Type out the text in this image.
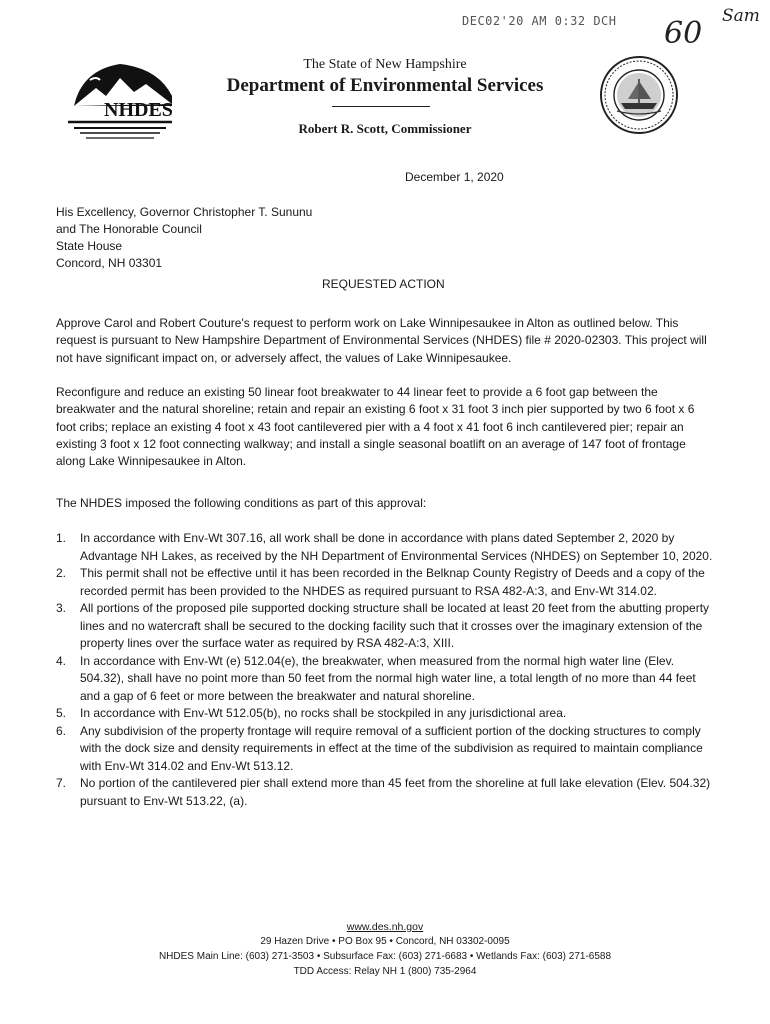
DEC02'20 AM 0:32 DCH 60 Sam
NHDES
The State of New Hampshire
Department of Environmental Services
Robert R. Scott, Commissioner
December 1, 2020
His Excellency, Governor Christopher T. Sununu
and The Honorable Council
State House
Concord, NH 03301
REQUESTED ACTION

Approve Carol and Robert Couture's request to perform work on Lake Winnipesaukee in Alton as outlined below. This request is pursuant to New Hampshire Department of Environmental Services (NHDES) file # 2020-02303. This project will not have significant impact on, or adversely affect, the values of Lake Winnipesaukee.

Reconfigure and reduce an existing 50 linear foot breakwater to 44 linear feet to provide a 6 foot gap between the breakwater and the natural shoreline; retain and repair an existing 6 foot x 31 foot 3 inch pier supported by two 6 foot x 6 foot cribs; replace an existing 4 foot x 43 foot cantilevered pier with a 4 foot x 41 foot 6 inch cantilevered pier; repair an existing 3 foot x 12 foot connecting walkway; and install a single seasonal boatlift on an average of 147 foot of frontage along Lake Winnipesaukee in Alton.

The NHDES imposed the following conditions as part of this approval:

1. In accordance with Env-Wt 307.16, all work shall be done in accordance with plans dated September 2, 2020 by Advantage NH Lakes, as received by the NH Department of Environmental Services (NHDES) on September 10, 2020.
2. This permit shall not be effective until it has been recorded in the Belknap County Registry of Deeds and a copy of the recorded permit has been provided to the NHDES as required pursuant to RSA 482-A:3, and Env-Wt 314.02.
3. All portions of the proposed pile supported docking structure shall be located at least 20 feet from the abutting property lines and no watercraft shall be secured to the docking facility such that it crosses over the imaginary extension of the property lines over the surface water as required by RSA 482-A:3, XIII.
4. In accordance with Env-Wt (e) 512.04(e), the breakwater, when measured from the normal high water line (Elev. 504.32), shall have no point more than 50 feet from the normal high water line, a total length of no more than 44 feet and a gap of 6 feet or more between the breakwater and natural shoreline.
5. In accordance with Env-Wt 512.05(b), no rocks shall be stockpiled in any jurisdictional area.
6. Any subdivision of the property frontage will require removal of a sufficient portion of the docking structures to comply with the dock size and density requirements in effect at the time of the subdivision as required to maintain compliance with Env-Wt 314.02 and Env-Wt 513.12.
7. No portion of the cantilevered pier shall extend more than 45 feet from the shoreline at full lake elevation (Elev. 504.32) pursuant to Env-Wt 513.22, (a).
www.des.nh.gov
29 Hazen Drive • PO Box 95 • Concord, NH 03302-0095
NHDES Main Line: (603) 271-3503 • Subsurface Fax: (603) 271-6683 • Wetlands Fax: (603) 271-6588
TDD Access: Relay NH 1 (800) 735-2964
